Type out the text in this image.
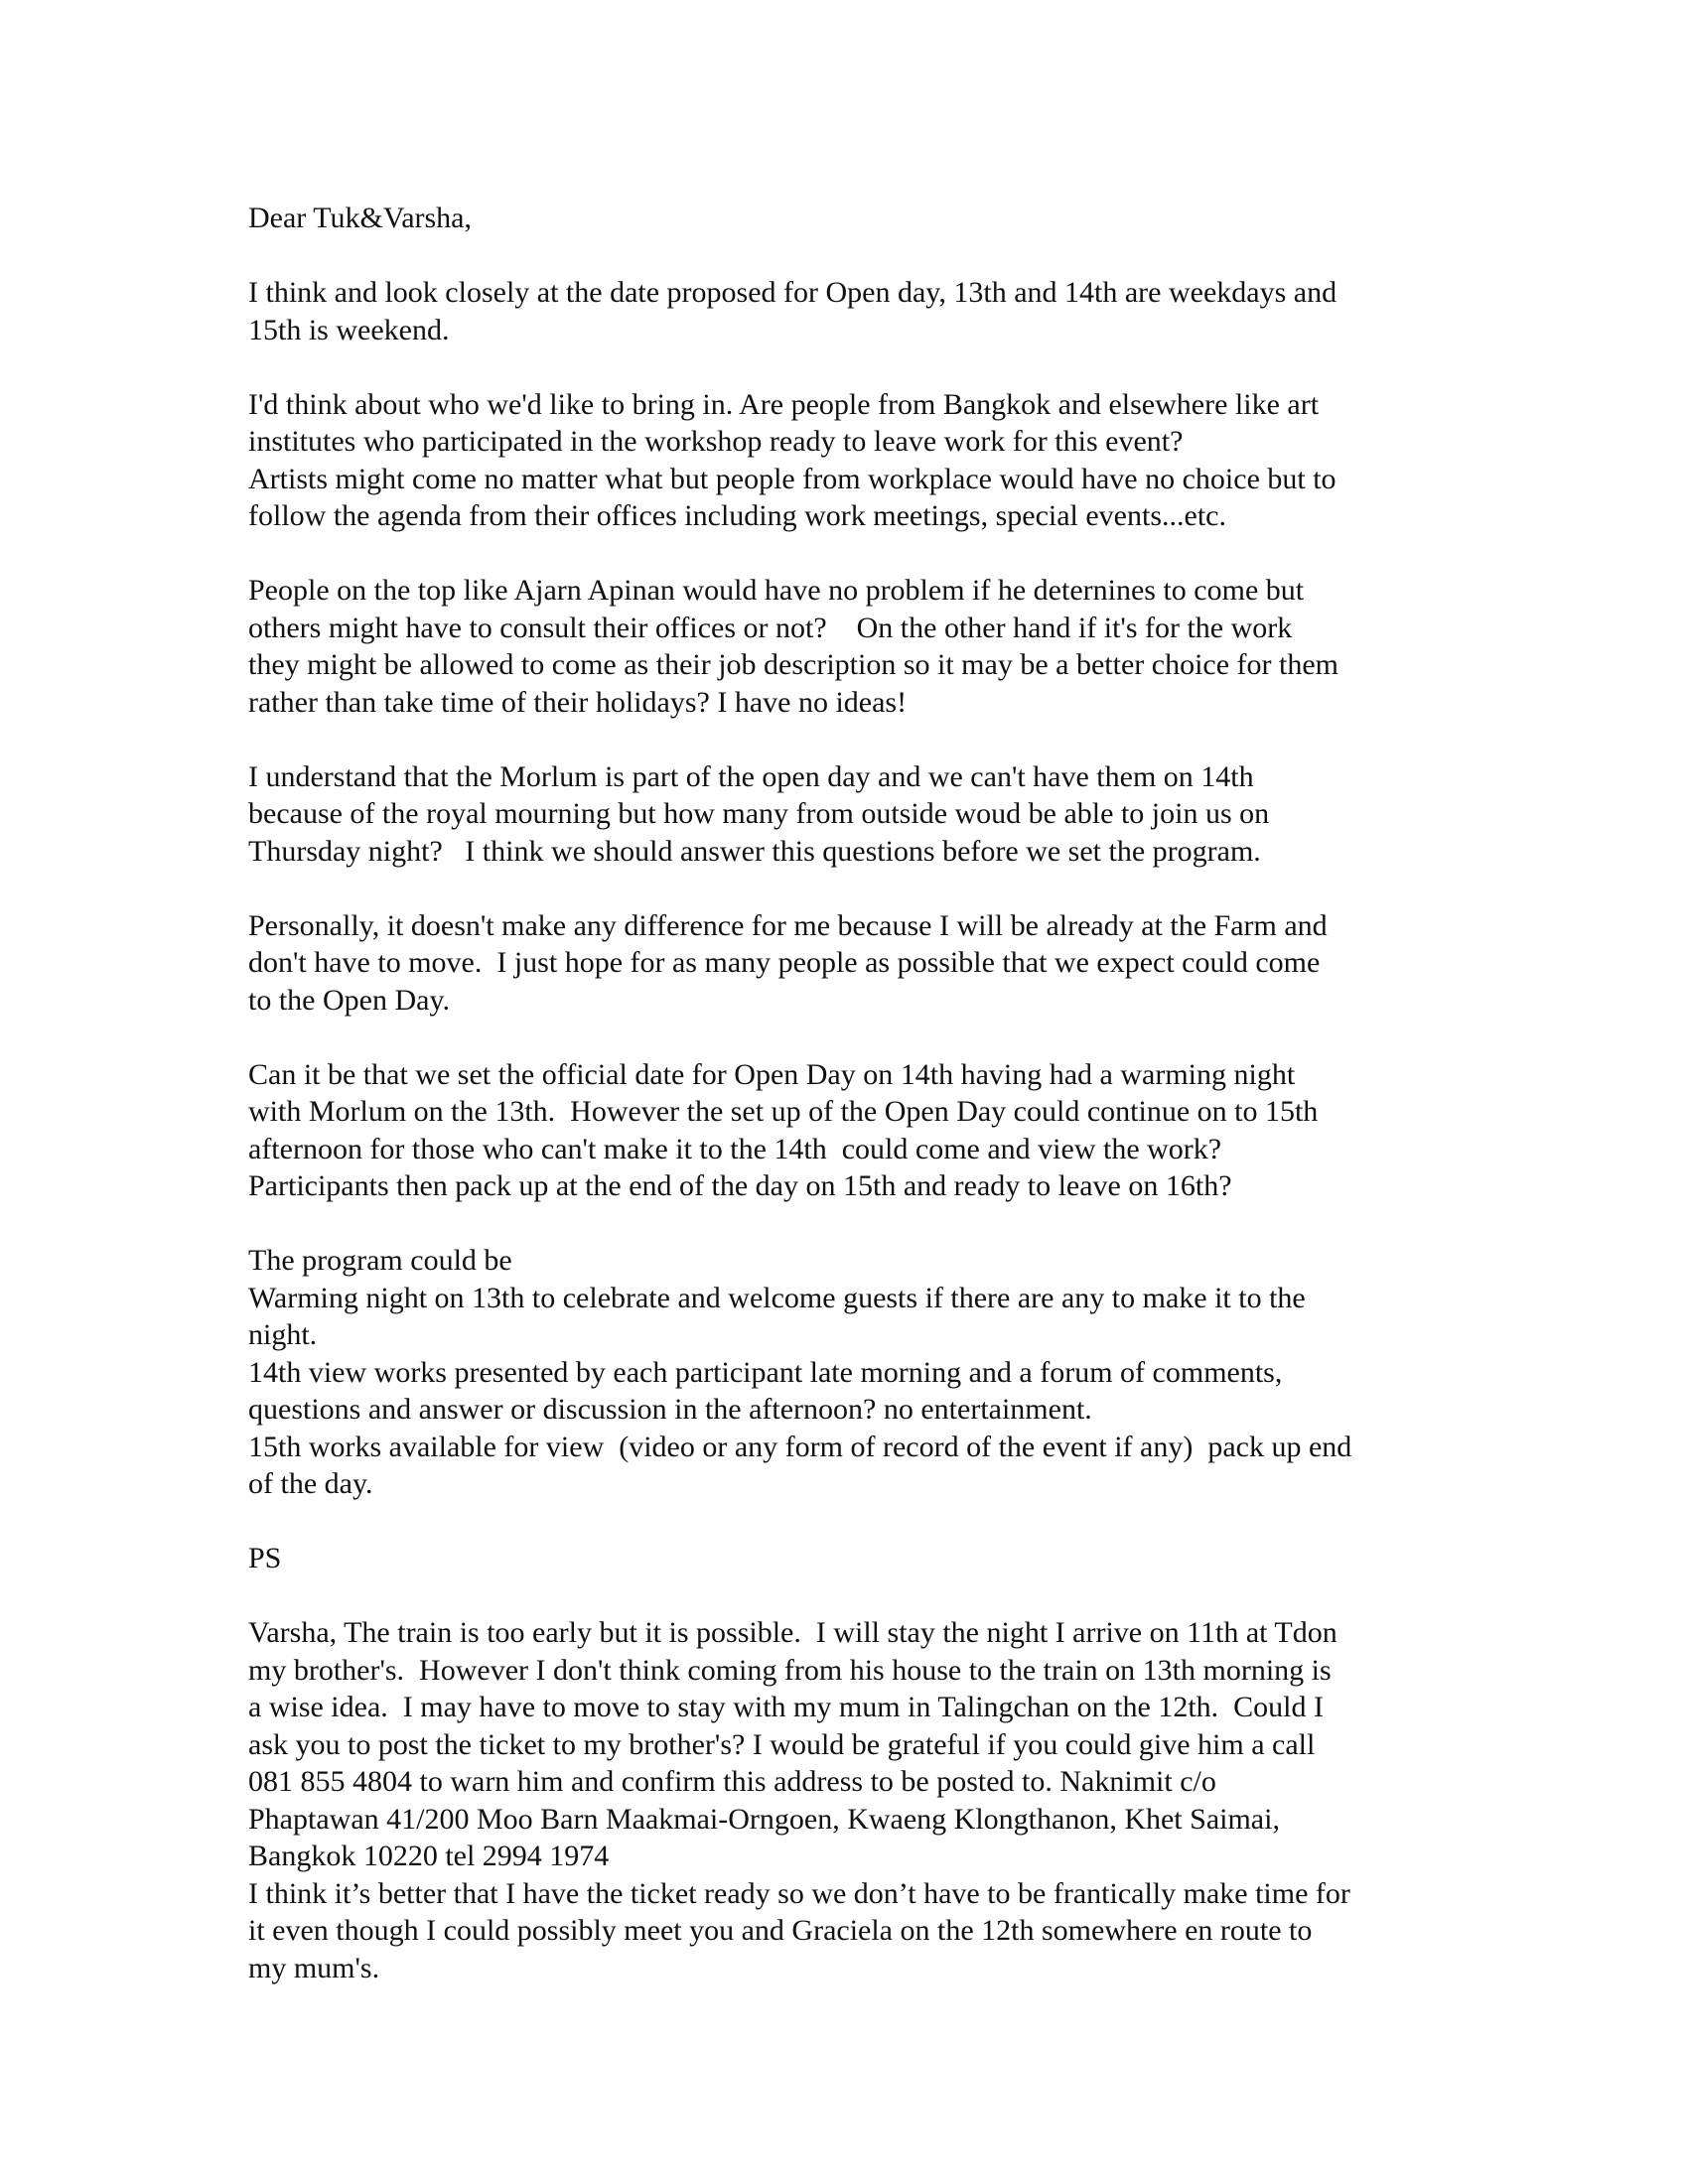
Dear Tuk&Varsha,
I think and look closely at the date proposed for Open day, 13th and 14th are weekdays and
15th is weekend.
I'd think about who we'd like to bring in. Are people from Bangkok and elsewhere like art
institutes who participated in the workshop ready to leave work for this event?
Artists might come no matter what but people from workplace would have no choice but to
follow the agenda from their offices including work meetings, special events...etc.
People on the top like Ajarn Apinan would have no problem if he deternines to come but
others might have to consult their offices or not?    On the other hand if it's for the work
they might be allowed to come as their job description so it may be a better choice for them
rather than take time of their holidays? I have no ideas!
I understand that the Morlum is part of the open day and we can't have them on 14th
because of the royal mourning but how many from outside woud be able to join us on
Thursday night?   I think we should answer this questions before we set the program.
Personally, it doesn't make any difference for me because I will be already at the Farm and
don't have to move.  I just hope for as many people as possible that we expect could come
to the Open Day.
Can it be that we set the official date for Open Day on 14th having had a warming night
with Morlum on the 13th.  However the set up of the Open Day could continue on to 15th
afternoon for those who can't make it to the 14th  could come and view the work?
Participants then pack up at the end of the day on 15th and ready to leave on 16th?
The program could be
Warming night on 13th to celebrate and welcome guests if there are any to make it to the
night.
14th view works presented by each participant late morning and a forum of comments,
questions and answer or discussion in the afternoon? no entertainment.
15th works available for view  (video or any form of record of the event if any)  pack up end
of the day.
PS
Varsha, The train is too early but it is possible.  I will stay the night I arrive on 11th at Tdon
my brother's.  However I don't think coming from his house to the train on 13th morning is
a wise idea.  I may have to move to stay with my mum in Talingchan on the 12th.  Could I
ask you to post the ticket to my brother's? I would be grateful if you could give him a call
081 855 4804 to warn him and confirm this address to be posted to. Naknimit c/o
Phaptawan 41/200 Moo Barn Maakmai-Orngoen, Kwaeng Klongthanon, Khet Saimai,
Bangkok 10220 tel 2994 1974
I think it’s better that I have the ticket ready so we don’t have to be frantically make time for
it even though I could possibly meet you and Graciela on the 12th somewhere en route to
my mum's.
